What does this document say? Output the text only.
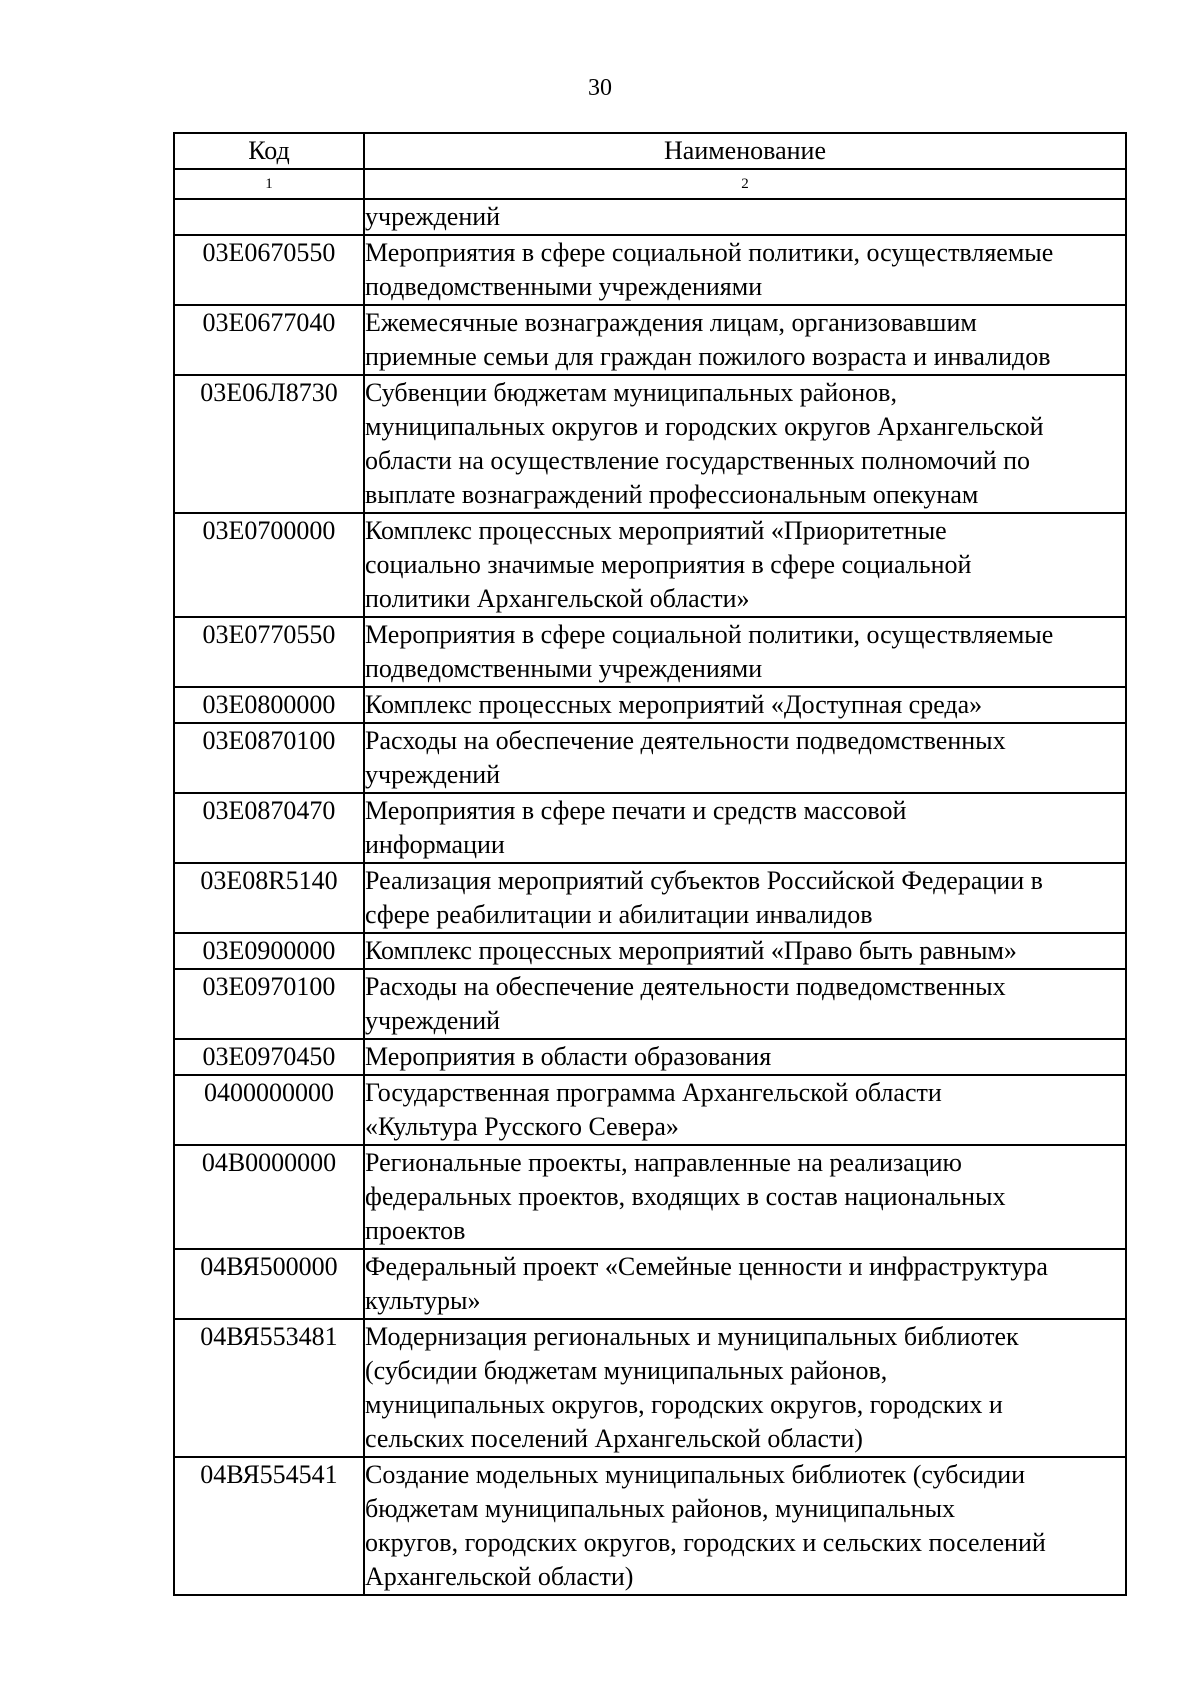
30
Код	Наименование
1	2

	учреждений

03Е0670550	Мероприятия в сфере социальной политики, осуществляемые
подведомственными учреждениями

03Е0677040	Ежемесячные вознаграждения лицам, организовавшим
приемные семьи для граждан пожилого возраста и инвалидов

03Е06Л8730	Субвенции бюджетам муниципальных районов,
муниципальных округов и городских округов Архангельской
области на осуществление государственных полномочий по
выплате вознаграждений профессиональным опекунам

03Е0700000	Комплекс процессных мероприятий «Приоритетные
социально значимые мероприятия в сфере социальной
политики Архангельской области»

03Е0770550	Мероприятия в сфере социальной политики, осуществляемые
подведомственными учреждениями

03Е0800000	Комплекс процессных мероприятий «Доступная среда»

03Е0870100	Расходы на обеспечение деятельности подведомственных
учреждений

03Е0870470	Мероприятия в сфере печати и средств массовой
информации

03Е08R5140	Реализация мероприятий субъектов Российской Федерации в
сфере реабилитации и абилитации инвалидов

03Е0900000	Комплекс процессных мероприятий «Право быть равным»

03Е0970100	Расходы на обеспечение деятельности подведомственных
учреждений

03Е0970450	Мероприятия в области образования

0400000000	Государственная программа Архангельской области
«Культура Русского Севера»

04В0000000	Региональные проекты, направленные на реализацию
федеральных проектов, входящих в состав национальных
проектов

04ВЯ500000	Федеральный проект «Семейные ценности и инфраструктура
культуры»

04ВЯ553481	Модернизация региональных и муниципальных библиотек
(субсидии бюджетам муниципальных районов,
муниципальных округов, городских округов, городских и
сельских поселений Архангельской области)

04ВЯ554541	Создание модельных муниципальных библиотек (субсидии
бюджетам муниципальных районов, муниципальных
округов, городских округов, городских и сельских поселений
Архангельской области)
